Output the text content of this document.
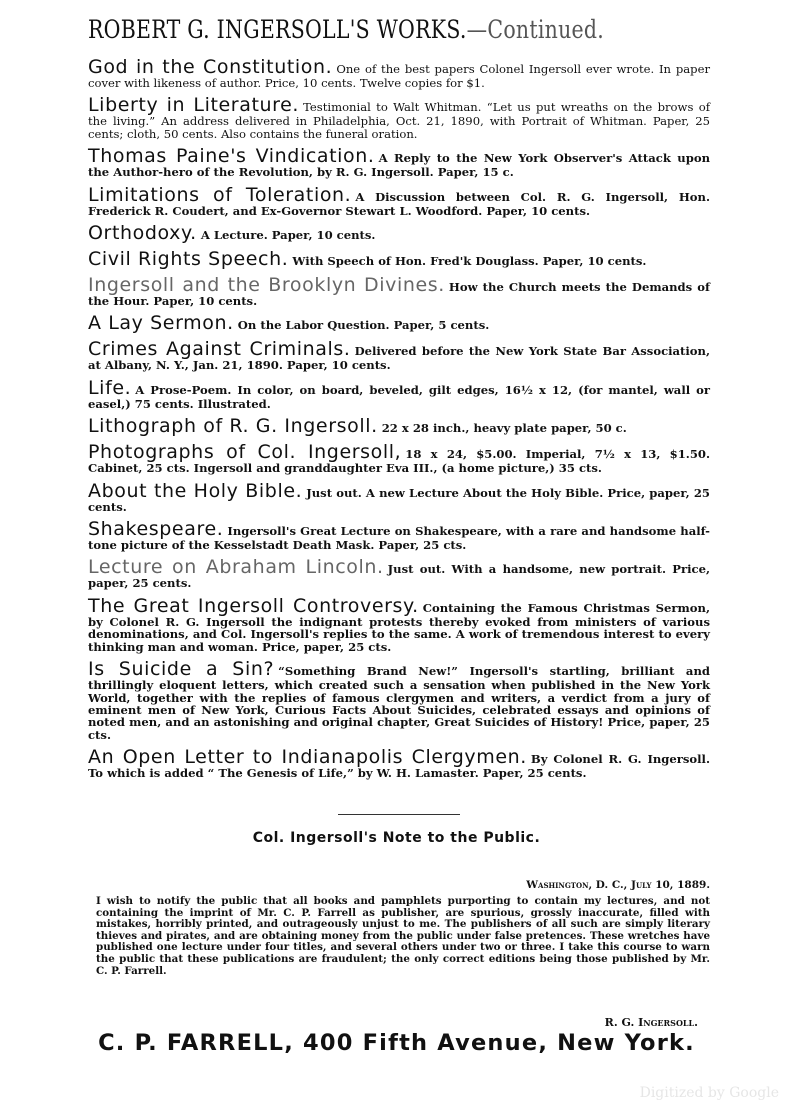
ROBERT G. INGERSOLL'S WORKS.—Continued.

God in the Constitution. One of the best papers Colonel Ingersoll ever wrote. In paper cover with likeness of author. Price, 10 cents. Twelve copies for $1.

Liberty in Literature. Testimonial to Walt Whitman. “Let us put wreaths on the brows of the living.” An address delivered in Philadelphia, Oct. 21, 1890, with Portrait of Whitman. Paper, 25 cents; cloth, 50 cents. Also contains the funeral oration.

Thomas Paine's Vindication. A Reply to the New York Observer's Attack upon the Author-hero of the Revolution, by R. G. Ingersoll. Paper, 15 c.

Limitations of Toleration. A Discussion between Col. R. G. Ingersoll, Hon. Frederick R. Coudert, and Ex-Governor Stewart L. Woodford. Paper, 10 cents.

Orthodoxy. A Lecture. Paper, 10 cents.

Civil Rights Speech. With Speech of Hon. Fred'k Douglass. Paper, 10 cents.

Ingersoll and the Brooklyn Divines. How the Church meets the Demands of the Hour. Paper, 10 cents.

A Lay Sermon. On the Labor Question. Paper, 5 cents.

Crimes Against Criminals. Delivered before the New York State Bar Association, at Albany, N. Y., Jan. 21, 1890. Paper, 10 cents.

Life. A Prose-Poem. In color, on board, beveled, gilt edges, 16½ x 12, (for mantel, wall or easel,) 75 cents. Illustrated.

Lithograph of R. G. Ingersoll. 22 x 28 inch., heavy plate paper, 50 c.

Photographs of Col. Ingersoll, 18 x 24, $5.00. Imperial, 7½ x 13, $1.50. Cabinet, 25 cts. Ingersoll and granddaughter Eva III., (a home picture,) 35 cts.

About the Holy Bible. Just out. A new Lecture About the Holy Bible. Price, paper, 25 cents.

Shakespeare. Ingersoll's Great Lecture on Shakespeare, with a rare and handsome half-tone picture of the Kesselstadt Death Mask. Paper, 25 cts.

Lecture on Abraham Lincoln. Just out. With a handsome, new portrait. Price, paper, 25 cents.

The Great Ingersoll Controversy. Containing the Famous Christmas Sermon, by Colonel R. G. Ingersoll the indignant protests thereby evoked from ministers of various denominations, and Col. Ingersoll's replies to the same. A work of tremendous interest to every thinking man and woman. Price, paper, 25 cts.

Is Suicide a Sin? “Something Brand New!” Ingersoll's startling, brilliant and thrillingly eloquent letters, which created such a sensation when published in the New York World, together with the replies of famous clergymen and writers, a verdict from a jury of eminent men of New York, Curious Facts About Suicides, celebrated essays and opinions of noted men, and an astonishing and original chapter, Great Suicides of History! Price, paper, 25 cts.

An Open Letter to Indianapolis Clergymen. By Colonel R. G. Ingersoll. To which is added “ The Genesis of Life,” by W. H. Lamaster. Paper, 25 cents.

Col. Ingersoll's Note to the Public.
Washington, D. C., July 10, 1889.
I wish to notify the public that all books and pamphlets purporting to contain my lectures, and not containing the imprint of Mr. C. P. Farrell as publisher, are spurious, grossly inaccurate, filled with mistakes, horribly printed, and outrageously unjust to me. The publishers of all such are simply literary thieves and pirates, and are obtaining money from the public under false pretences. These wretches have published one lecture under four titles, and several others under two or three. I take this course to warn the public that these publications are fraudulent; the only correct editions being those published by Mr. C. P. Farrell.
R. G. Ingersoll.
C. P. FARRELL, 400 Fifth Avenue, New York.
Digitized by Google
